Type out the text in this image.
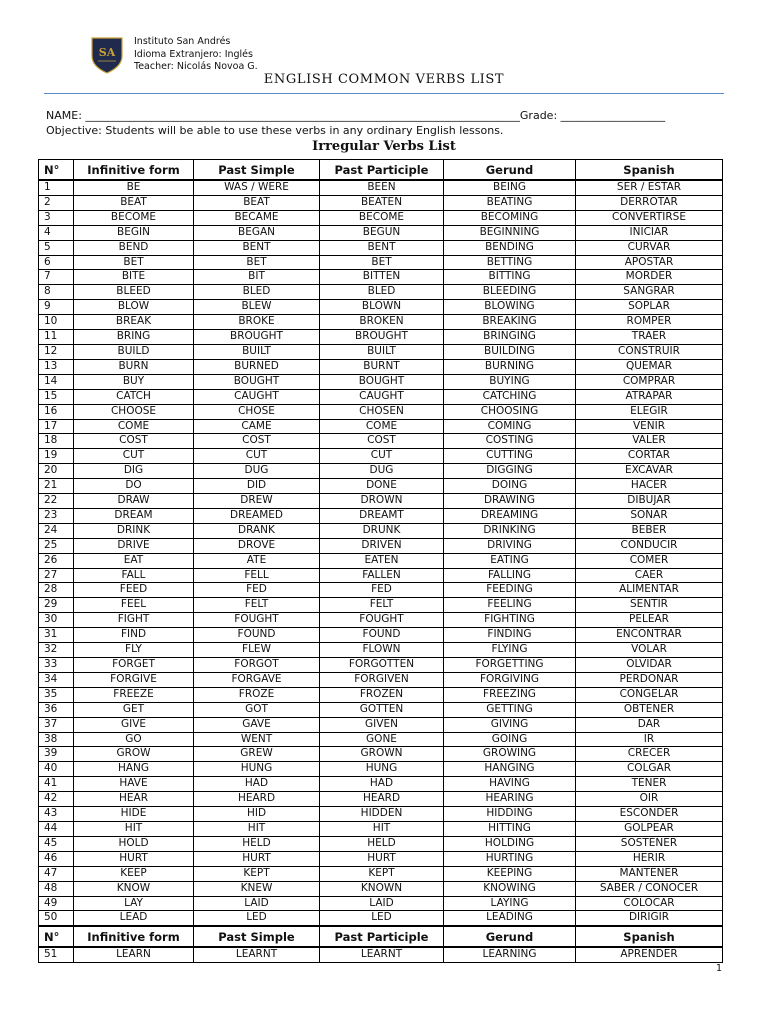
SA
Instituto San Andrés
Idioma Extranjero: Inglés
Teacher: Nicolás Novoa G.
ENGLISH COMMON VERBS LIST
NAME: _______________________________________________________________________________Grade: ___________________
Objective: Students will be able to use these verbs in any ordinary English lessons.
Irregular Verbs List
N°	Infinitive form	Past Simple	Past Participle	Gerund	Spanish
1	BE	WAS / WERE	BEEN	BEING	SER / ESTAR
2	BEAT	BEAT	BEATEN	BEATING	DERROTAR
3	BECOME	BECAME	BECOME	BECOMING	CONVERTIRSE
4	BEGIN	BEGAN	BEGUN	BEGINNING	INICIAR
5	BEND	BENT	BENT	BENDING	CURVAR
6	BET	BET	BET	BETTING	APOSTAR
7	BITE	BIT	BITTEN	BITTING	MORDER
8	BLEED	BLED	BLED	BLEEDING	SANGRAR
9	BLOW	BLEW	BLOWN	BLOWING	SOPLAR
10	BREAK	BROKE	BROKEN	BREAKING	ROMPER
11	BRING	BROUGHT	BROUGHT	BRINGING	TRAER
12	BUILD	BUILT	BUILT	BUILDING	CONSTRUIR
13	BURN	BURNED	BURNT	BURNING	QUEMAR
14	BUY	BOUGHT	BOUGHT	BUYING	COMPRAR
15	CATCH	CAUGHT	CAUGHT	CATCHING	ATRAPAR
16	CHOOSE	CHOSE	CHOSEN	CHOOSING	ELEGIR
17	COME	CAME	COME	COMING	VENIR
18	COST	COST	COST	COSTING	VALER
19	CUT	CUT	CUT	CUTTING	CORTAR
20	DIG	DUG	DUG	DIGGING	EXCAVAR
21	DO	DID	DONE	DOING	HACER
22	DRAW	DREW	DROWN	DRAWING	DIBUJAR
23	DREAM	DREAMED	DREAMT	DREAMING	SOÑAR
24	DRINK	DRANK	DRUNK	DRINKING	BEBER
25	DRIVE	DROVE	DRIVEN	DRIVING	CONDUCIR
26	EAT	ATE	EATEN	EATING	COMER
27	FALL	FELL	FALLEN	FALLING	CAER
28	FEED	FED	FED	FEEDING	ALIMENTAR
29	FEEL	FELT	FELT	FEELING	SENTIR
30	FIGHT	FOUGHT	FOUGHT	FIGHTING	PELEAR
31	FIND	FOUND	FOUND	FINDING	ENCONTRAR
32	FLY	FLEW	FLOWN	FLYING	VOLAR
33	FORGET	FORGOT	FORGOTTEN	FORGETTING	OLVIDAR
34	FORGIVE	FORGAVE	FORGIVEN	FORGIVING	PERDONAR
35	FREEZE	FROZE	FROZEN	FREEZING	CONGELAR
36	GET	GOT	GOTTEN	GETTING	OBTENER
37	GIVE	GAVE	GIVEN	GIVING	DAR
38	GO	WENT	GONE	GOING	IR
39	GROW	GREW	GROWN	GROWING	CRECER
40	HANG	HUNG	HUNG	HANGING	COLGAR
41	HAVE	HAD	HAD	HAVING	TENER
42	HEAR	HEARD	HEARD	HEARING	OIR
43	HIDE	HID	HIDDEN	HIDDING	ESCONDER
44	HIT	HIT	HIT	HITTING	GOLPEAR
45	HOLD	HELD	HELD	HOLDING	SOSTENER
46	HURT	HURT	HURT	HURTING	HERIR
47	KEEP	KEPT	KEPT	KEEPING	MANTENER
48	KNOW	KNEW	KNOWN	KNOWING	SABER / CONOCER
49	LAY	LAID	LAID	LAYING	COLOCAR
50	LEAD	LED	LED	LEADING	DIRIGIR
N°	Infinitive form	Past Simple	Past Participle	Gerund	Spanish
51	LEARN	LEARNT	LEARNT	LEARNING	APRENDER
1
